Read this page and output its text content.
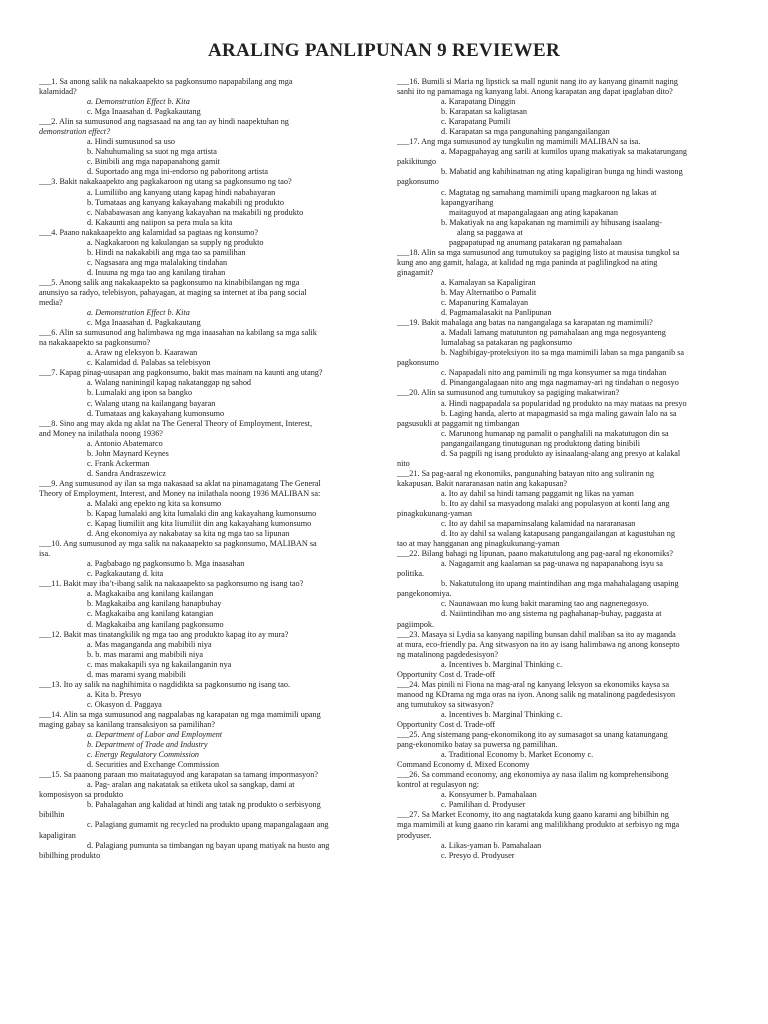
ARALING PANLIPUNAN 9 REVIEWER
___1. Sa anong salik na nakakaapekto sa pagkonsumo napapabilang ang mga
kalamidad?
a. Demonstration Effect b. Kita
c. Mga Inaasahan d. Pagkakautang
___2. Alin sa sumusunod ang nagsasaad na ang tao ay hindi naapektuhan ng
demonstration effect?
a. Hindi sumusunod sa uso
b. Nahuhumaling sa suot ng mga artista
c. Binibili ang mga napapanahong gamit
d. Suportado ang mga ini-endorso ng paboritong artista
___3. Bakit nakakaapekto ang pagkakaroon ng utang sa pagkonsumo ng tao?
a. Lumiliibo ang kanyang utang kapag hindi nababayaran
b. Tumataas ang kanyang kakayahang makabili ng produkto
c. Nababawasan ang kanyang kakayahan na makabili ng produkto
d. Kakaunti ang naiipon sa pera mula sa kita
___4. Paano nakakaapekto ang kalamidad sa pagtaas ng konsumo?
a. Nagkakaroon ng kakulangan sa supply ng produkto
b. Hindi na nakakabili ang mga tao sa pamilihan
c. Nagsasara ang mga malalaking tindahan
d. Inuuna ng mga tao ang kanilang tirahan
___5. Anong salik ang nakakaapekto sa pagkonsumo na kinabibilangan ng mga
anunsiyo sa radyo, telebisyon, pahayagan, at maging sa internet at iba pang social
media?
a. Demonstration Effect b. Kita
c. Mga Inaasahan d. Pagkakautang
___6. Alin sa sumusunod ang halimbawa ng mga inaasahan na kabilang sa mga salik
na nakakaapekto sa pagkonsumo?
a. Araw ng eleksyon b. Kaarawan
c. Kalamidad d. Palabas sa telebisyon
___7. Kapag pinag-uusapan ang pagkonsumo, bakit mas mainam na kaunti ang utang?
a. Walang naniningil kapag nakatanggap ng sahod
b. Lumalaki ang ipon sa bangko
c. Walang utang na kailangang bayaran
d. Tumataas ang kakayahang kumonsumo
___8. Sino ang may akda ng aklat na The General Theory of Employment, Interest,
and Money na inilathala noong 1936?
a. Antonio Abatemarco
b. John Maynard Keynes
c. Frank Ackerman
d. Sandra Andraszewicz
___9. Ang sumusunod ay ilan sa mga nakasaad sa aklat na pinamagatang The General
Theory of Employment, Interest, and Money na inilathala noong 1936 MALIBAN sa:
a. Malaki ang epekto ng kita sa konsumo
b. Kapag lumalaki ang kita lumalaki din ang kakayahang kumonsumo
c. Kapag liumiliit ang kita liumiliit din ang kakayahang kumonsumo
d. Ang ekonomiya ay nakabatay sa kita ng mga tao sa lipunan
___10. Ang sumusunod ay mga salik na nakaaapekto sa pagkonsumo, MALIBAN sa
isa.
a. Pagbabago ng pagkonsumo b. Mga inaasahan
c. Pagkakautang d. kita
___11. Bakit may iba’t-ibang salik na nakaaapekto sa pagkonsumo ng isang tao?
a. Magkakaiba ang kanilang kailangan
b. Magkakaiba ang kanilang hanapbuhay
c. Magkakaiba ang kanilang katangian
d. Magkakaiba ang kanilang pagkonsumo
___12. Bakit mas tinatangkilik ng mga tao ang produkto kapag ito ay mura?
a. Mas maganganda ang mabibili niya
b. b. mas marami ang mabibili niya
c. mas makakapili sya ng kakailanganin nya
d. mas marami syang mabibili
___13. Ito ay salik na naghihimita o nagdidikta sa pagkonsumo ng isang tao.
a. Kita b. Presyo
c. Okasyon d. Paggaya
___14. Alin sa mga sumusunod ang nagpalabas ng karapatan ng mga mamimili upang
maging gabay sa kanilang transaksiyon sa pamilihan?
a. Department of Labor and Employment
b. Department of Trade and Industry
c. Energy Regulatory Commission
d. Securities and Exchange Commission
___15. Sa paanong paraan mo maitataguyod ang karapatan sa tamang impormasyon?
a. Pag- aralan ang nakatatak sa etiketa ukol sa sangkap, dami at
komposisyon sa produkto
b. Pahalagahan ang kalidad at hindi ang tatak ng produkto o serbisyong
bibilhin
c. Palagiang gumamit ng recycled na produkto upang mapangalagaan ang
kapaligiran
d. Palagiang pumunta sa timbangan ng bayan upang matiyak na husto ang
bibilhing produkto
___16. Bumili si Maria ng lipstick sa mall ngunit nang ito ay kanyang ginamit naging
sanhi ito ng pamamaga ng kanyang labi. Anong karapatan ang dapat ipaglaban dito?
a. Karapatang Dinggin
b. Karapatan sa kaligtasan
c. Karapatang Pumili
d. Karapatan sa mga pangunahing pangangailangan
___17. Ang mga sumusunod ay tungkulin ng mamimili MALIBAN sa isa.
a. Mapagpahayag ang sarili at kumilos upang makatiyak sa makatarungang
pakikitungo
b. Mabatid ang kahihinatnan ng ating kapaligiran bunga ng hindi wastong
pagkonsumo
c. Magtatag ng samahang mamimili upang magkaroon ng lakas at
kapangyarihang
maitaguyod at mapangalagaan ang ating kapakanan
b. Makatiyak na ang kapakanan ng mamimili ay hihusang isaalang-
alang sa paggawa at
pagpapatupad ng anumang patakaran ng pamahalaan
___18. Alin sa mga sumusunod ang tumutukoy sa pagiging listo at mausisa tungkol sa
kung ano ang gamit, halaga, at kalidad ng mga paninda at paglilingkod na ating
ginagamit?
a. Kamalayan sa Kapaligiran
b. May Alternatibo o Pamalit
c. Mapanuring Kamalayan
d. Pagmamalasakit na Panlipunan
___19. Bakit mahalaga ang batas na nangangalaga sa karapatan ng mamimili?
a. Madali lamang matutunton ng pamahalaan ang mga negosyanteng
lumalabag sa patakaran ng pagkonsumo
b. Nagbibigay-proteksiyon ito sa mga mamimili laban sa mga panganib sa
pagkonsumo
c. Napapadali nito ang pamimili ng mga konsyumer sa mga tindahan
d. Pinangangalagaan nito ang mga nagmamay-ari ng tindahan o negosyo
___20. Alin sa sumusunod ang tumutukoy sa pagiging makatwiran?
a. Hindi nagpapadala sa popularidad ng produkto na may mataas na presyo
b. Laging handa, alerto at mapagmasid sa mga maling gawain lalo na sa
pagsusukli at paggamit ng timbangan
c. Marunong humanap ng pamalit o panghalili na makatutugon din sa
pangangailangang tinutugunan ng produktong dating binibili
d. Sa pagpili ng isang produkto ay isinaalang-alang ang presyo at kalakal
nito
___21. Sa pag-aaral ng ekonomiks, pangunahing batayan nito ang suliranin ng
kakapusan. Bakit nararanasan natin ang kakapusan?
a. Ito ay dahil sa hindi tamang paggamit ng likas na yaman
b. Ito ay dahil sa masyadong malaki ang populasyon at konti lang ang
pinagkukunang-yaman
c. Ito ay dahil sa mapaminsalang kalamidad na nararanasan
d. Ito ay dahil sa walang katapusang pangangailangan at kagustuhan ng
tao at may hangganan ang pinagkukunang-yaman
___22. Bilang bahagi ng lipunan, paano makatutulong ang pag-aaral ng ekonomiks?
a. Nagagamit ang kaalaman sa pag-unawa ng napapanahong isyu sa
politika.
b. Nakatutulong ito upang maintindihan ang mga mahahalagang usaping
pangekonomiya.
c. Naunawaan mo kung bakit maraming tao ang nagnenegosyo.
d. Naiintindihan mo ang sistema ng paghahanap-buhay, paggasta at
pagiimpok.
___23. Masaya si Lydia sa kanyang napiling bunsan dahil maliban sa ito ay maganda
at mura, eco-friendly pa. Ang sitwasyon na ito ay isang halimbawa ng anong konsepto
ng matalinong pagdedesisyon?
a. Incentives b. Marginal Thinking c.
Opportunity Cost d. Trade-off
___24. Mas pinili ni Fiona na mag-aral ng kanyang leksyon sa ekonomiks kaysa sa
manood ng KDrama ng mga oras na iyon. Anong salik ng matalinong pagdedesisyon
ang tumutukoy sa sitwasyon?
a. Incentives b. Marginal Thinking c.
Opportunity Cost d. Trade-off
___25. Ang sistemang pang-ekonomikong ito ay sumasagot sa unang katanungang
pang-ekonomiko batay sa puwersa ng pamilihan.
a. Traditional Economy b. Market Economy c.
Command Economy d. Mixed Economy
___26. Sa command economy, ang ekonomiya ay nasa ilalim ng komprehensibong
kontrol at regulasyon ng:
a. Konsyumer b. Pamahalaan
c. Pamilihan d. Prodyuser
___27. Sa Market Economy, ito ang nagtatakda kung gaano karami ang bibilhin ng
mga mamimili at kung gaano rin karami ang malilikhang produkto at serbisyo ng mga
prodyuser.
a. Likas-yaman b. Pamahalaan
c. Presyo d. Prodyuser
